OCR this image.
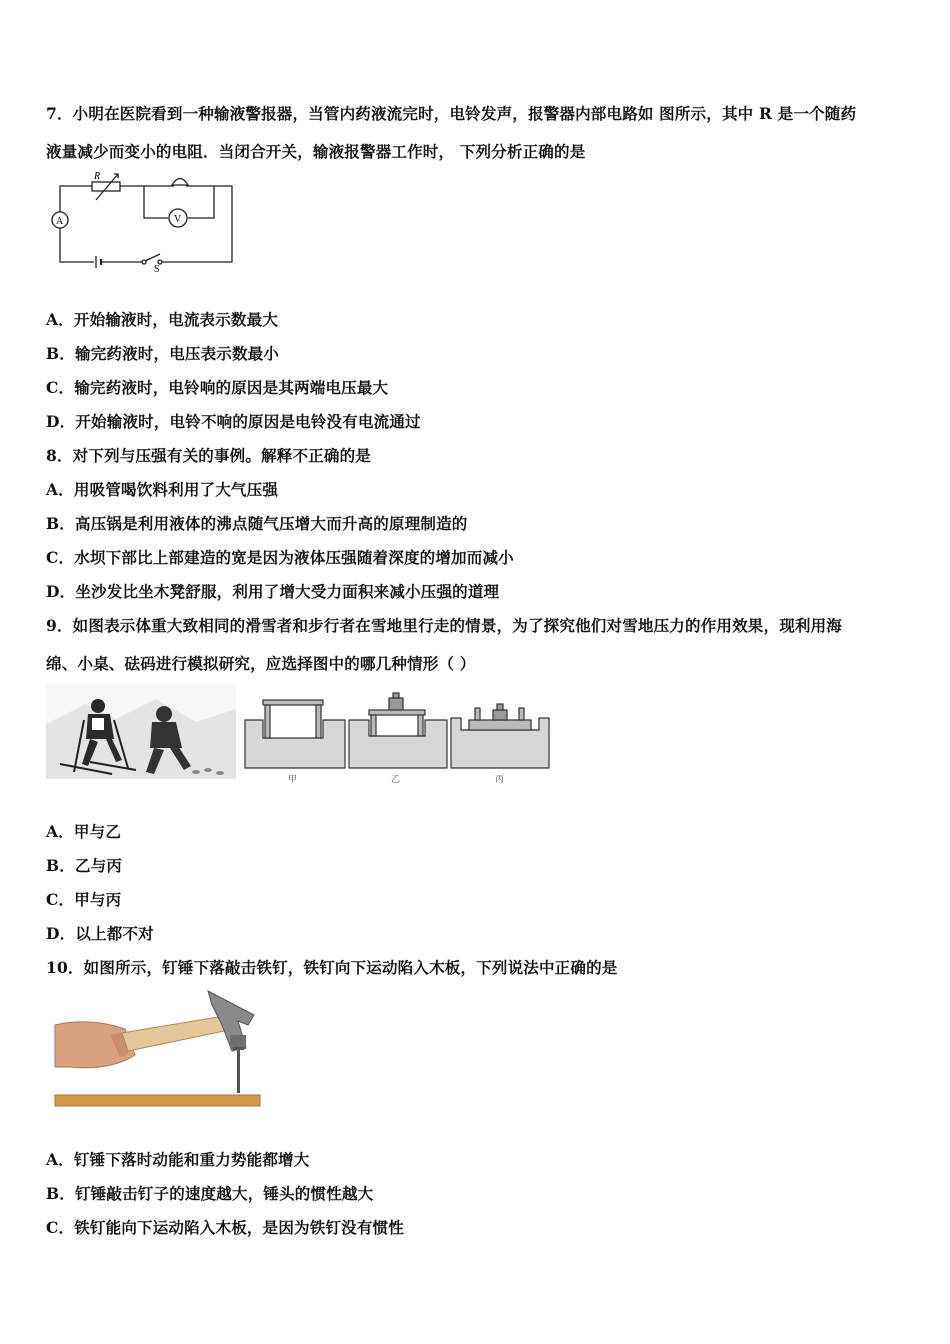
7．小明在医院看到一种输液警报器，当管内药液流完时，电铃发声，报警器内部电路如 图所示，其中 R 是一个随药
液量减少而变小的电阻．当闭合开关，输液报警器工作时， 下列分析正确的是
R
A	V
S
A．开始输液时，电流表示数最大
B．输完药液时，电压表示数最小
C．输完药液时，电铃响的原因是其两端电压最大
D．开始输液时，电铃不响的原因是电铃没有电流通过
8．对下列与压强有关的事例。解释不正确的是
A．用吸管喝饮料利用了大气压强
B．高压锅是利用液体的沸点随气压增大而升高的原理制造的
C．水坝下部比上部建造的宽是因为液体压强随着深度的增加而减小
D．坐沙发比坐木凳舒服，利用了增大受力面积来减小压强的道理
9．如图表示体重大致相同的滑雪者和步行者在雪地里行走的情景，为了探究他们对雪地压力的作用效果，现利用海
绵、小桌、砝码进行模拟研究，应选择图中的哪几种情形（ ）
甲	乙	丙
A．甲与乙
B．乙与丙
C．甲与丙
D．以上都不对
10．如图所示，钉锤下落敲击铁钉，铁钉向下运动陷入木板，下列说法中正确的是
A．钉锤下落时动能和重力势能都增大
B．钉锤敲击钉子的速度越大，锤头的惯性越大
C．铁钉能向下运动陷入木板，是因为铁钉没有惯性
